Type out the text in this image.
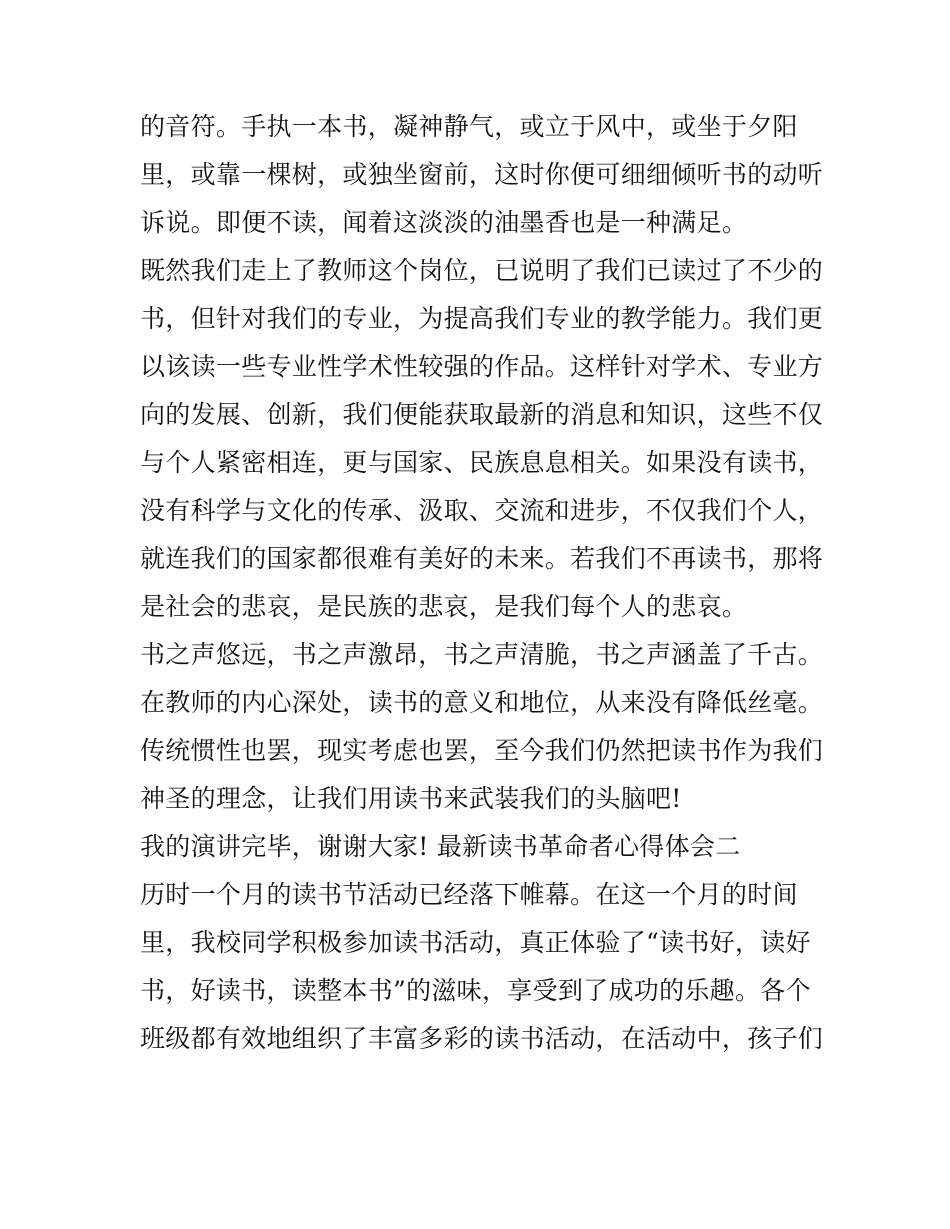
的音符。手执一本书，凝神静气，或立于风中，或坐于夕阳
里，或靠一棵树，或独坐窗前，这时你便可细细倾听书的动听
诉说。即便不读，闻着这淡淡的油墨香也是一种满足。
既然我们走上了教师这个岗位，已说明了我们已读过了不少的
书，但针对我们的专业，为提高我们专业的教学能力。我们更
以该读一些专业性学术性较强的作品。这样针对学术、专业方
向的发展、创新，我们便能获取最新的消息和知识，这些不仅
与个人紧密相连，更与国家、民族息息相关。如果没有读书，
没有科学与文化的传承、汲取、交流和进步，不仅我们个人，
就连我们的国家都很难有美好的未来。若我们不再读书，那将
是社会的悲哀，是民族的悲哀，是我们每个人的悲哀。
书之声悠远，书之声激昂，书之声清脆，书之声涵盖了千古。
在教师的内心深处，读书的意义和地位，从来没有降低丝毫。
传统惯性也罢，现实考虑也罢，至今我们仍然把读书作为我们
神圣的理念，让我们用读书来武装我们的头脑吧!
我的演讲完毕，谢谢大家! 最新读书革命者心得体会二
历时一个月的读书节活动已经落下帷幕。在这一个月的时间
里，我校同学积极参加读书活动，真正体验了“读书好，读好
书，好读书，读整本书”的滋味，享受到了成功的乐趣。各个
班级都有效地组织了丰富多彩的读书活动，在活动中，孩子们
